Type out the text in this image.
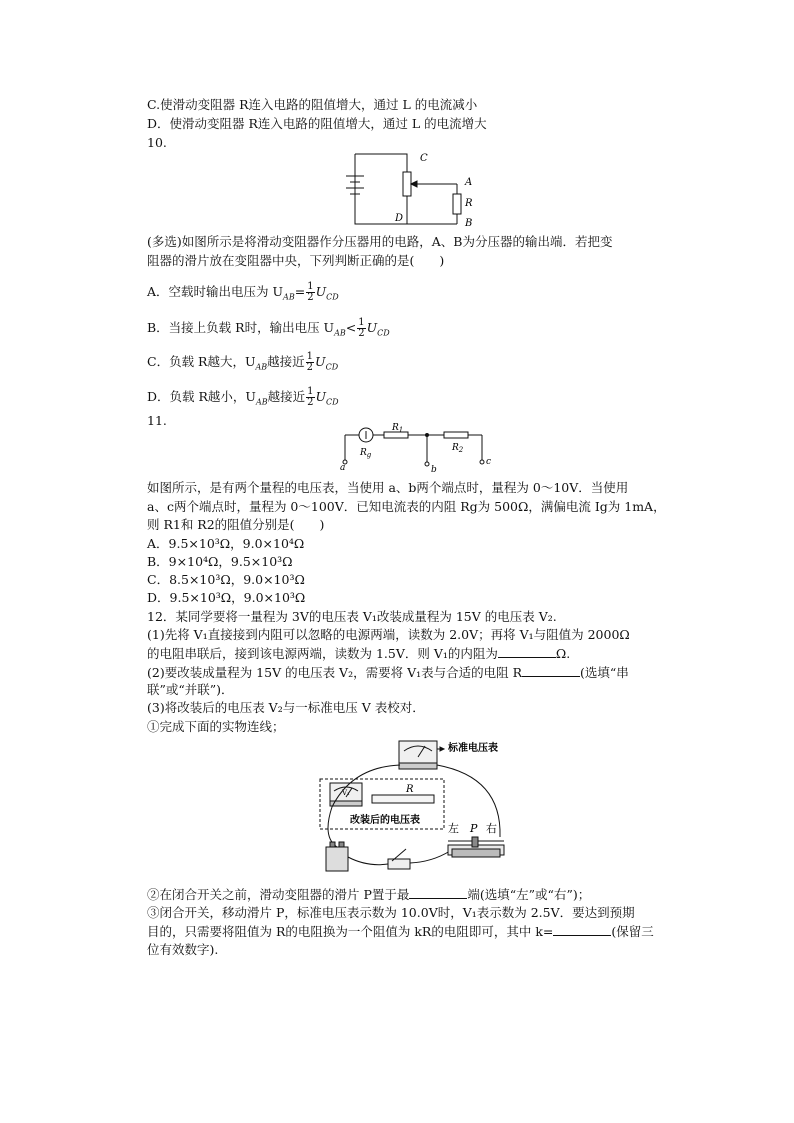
C.使滑动变阻器 R连入电路的阻值增大，通过 L 的电流减小
D．使滑动变阻器 R连入电路的阻值增大，通过 L 的电流增大
10.
C
D
A
R
B
(多选)如图所示是将滑动变阻器作分压器用的电路，A、B为分压器的输出端．若把变
阻器的滑片放在变阻器中央，下列判断正确的是(　　)
A．空载时输出电压为 $U_{AB}= \frac{1}{2} U_{CD}$
B．当接上负载 R时，输出电压 $U_{AB}< \frac{1}{2} U_{CD}$
C．负载 R越大，$U_{AB}$越接近 $\frac{1}{2} U_{CD}$
D．负载 R越小，$U_{AB}$越接近 $\frac{1}{2} U_{CD}$
11.
$R_g$
$R_1$
$R_2$
a	b
c
如图所示，是有两个量程的电压表，当使用 a、b两个端点时，量程为 0～10V．当使用
a、c两个端点时，量程为 0～100V．已知电流表的内阻 Rg为 500Ω，满偏电流 Ig为 1mA，
则 R1和 R2的阻值分别是(　　)
A．9.5×10³Ω，9.0×10⁴Ω
B．9×10⁴Ω，9.5×10³Ω
C．8.5×10³Ω，9.0×10³Ω
D．9.5×10³Ω，9.0×10³Ω
12．某同学要将一量程为 3V的电压表 V₁改装成量程为 15V 的电压表 V₂.
(1)先将 V₁直接接到内阻可以忽略的电源两端，读数为 2.0V；再将 V₁与阻值为 2000Ω
的电阻串联后，接到该电源两端，读数为 1.5V．则 V₁的内阻为	Ω.
(2)要改装成量程为 15V 的电压表 V₂，需要将 V₁表与合适的电阻 R	(选填“串
联”或“并联”)．
(3)将改装后的电压表 V₂与一标准电压 V 表校对．
①完成下面的实物连线；
标准电压表
V₁	R
改装后的电压表
左 P 右
②在闭合开关之前，滑动变阻器的滑片 P置于最	端(选填“左”或“右”)；
③闭合开关，移动滑片 P，标准电压表示数为 10.0V时，V₁表示数为 2.5V．要达到预期
目的，只需要将阻值为 R的电阻换为一个阻值为 kR的电阻即可，其中 k=	(保留三
位有效数字).
